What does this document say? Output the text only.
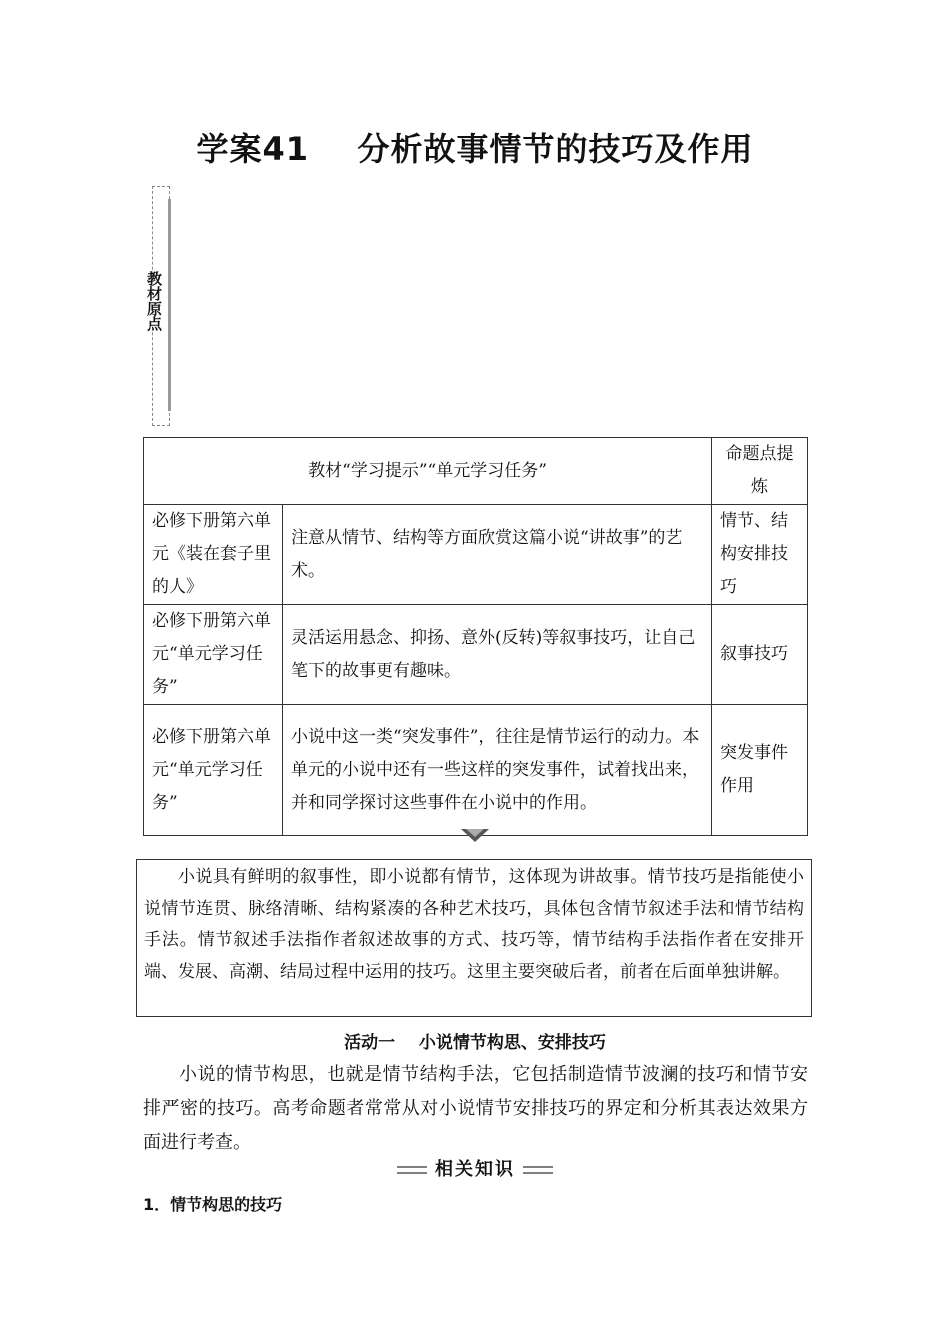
学案41    分析故事情节的技巧及作用
教材原点
教材“学习提示”“单元学习任务”		命题点提炼
必修下册第六单元《装在套子里的人》	注意从情节、结构等方面欣赏这篇小说“讲故事”的艺术。	情节、结构安排技巧
必修下册第六单元“单元学习任务”	灵活运用悬念、抑扬、意外(反转)等叙事技巧，让自己笔下的故事更有趣味。	叙事技巧
必修下册第六单元“单元学习任务”	小说中这一类“突发事件”，往往是情节运行的动力。本单元的小说中还有一些这样的突发事件，试着找出来，并和同学探讨这些事件在小说中的作用。	突发事件作用
小说具有鲜明的叙事性，即小说都有情节，这体现为讲故事。情节技巧是指能使小说情节连贯、脉络清晰、结构紧凑的各种艺术技巧，具体包含情节叙述手法和情节结构手法。情节叙述手法指作者叙述故事的方式、技巧等，情节结构手法指作者在安排开端、发展、高潮、结局过程中运用的技巧。这里主要突破后者，前者在后面单独讲解。
活动一    小说情节构思、安排技巧
小说的情节构思，也就是情节结构手法，它包括制造情节波澜的技巧和情节安排严密的技巧。高考命题者常常从对小说情节安排技巧的界定和分析其表达效果方面进行考查。
相关知识
1．情节构思的技巧
